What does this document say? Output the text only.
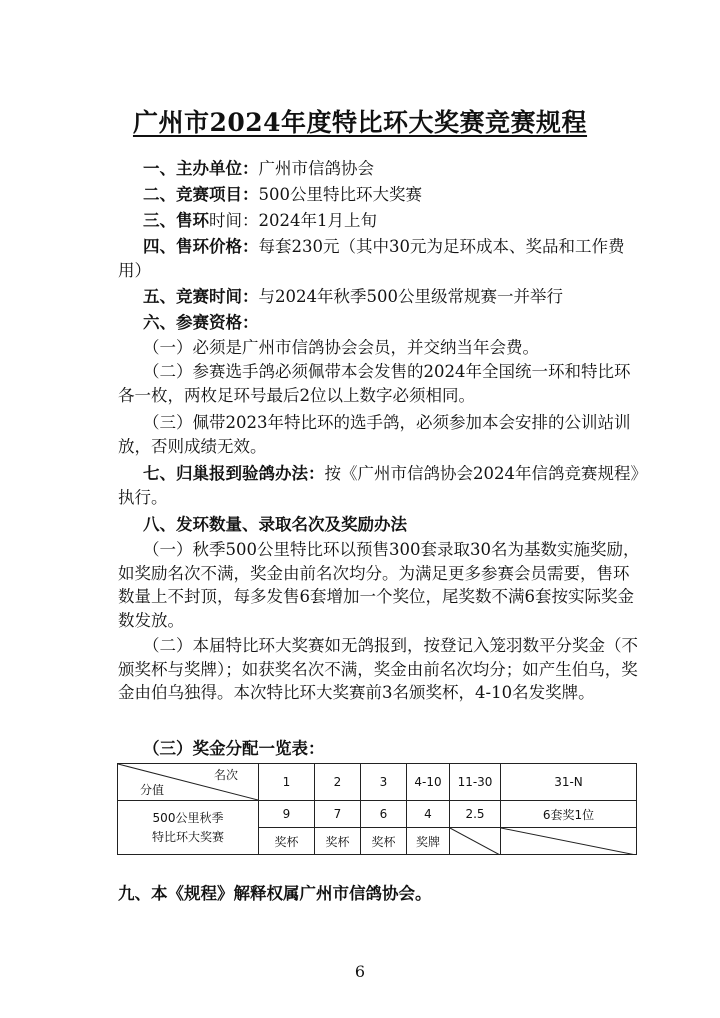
广州市2024年度特比环大奖赛竞赛规程
一、主办单位：广州市信鸽协会
二、竞赛项目：500公里特比环大奖赛
三、售环时间：2024年1月上旬
四、售环价格：每套230元（其中30元为足环成本、奖品和工作费用）
五、竞赛时间：与2024年秋季500公里级常规赛一并举行
六、参赛资格：
（一）必须是广州市信鸽协会会员，并交纳当年会费。
（二）参赛选手鸽必须佩带本会发售的2024年全国统一环和特比环各一枚，两枚足环号最后2位以上数字必须相同。
（三）佩带2023年特比环的选手鸽，必须参加本会安排的公训站训放，否则成绩无效。
七、归巢报到验鸽办法：按《广州市信鸽协会2024年信鸽竞赛规程》执行。
八、发环数量、录取名次及奖励办法
（一）秋季500公里特比环以预售300套录取30名为基数实施奖励，如奖励名次不满，奖金由前名次均分。为满足更多参赛会员需要，售环数量上不封顶，每多发售6套增加一个奖位，尾奖数不满6套按实际奖金数发放。
（二）本届特比环大奖赛如无鸽报到，按登记入笼羽数平分奖金（不颁奖杯与奖牌）；如获奖名次不满，奖金由前名次均分；如产生伯乌，奖金由伯乌独得。本次特比环大奖赛前3名颁奖杯，4-10名发奖牌。
（三）奖金分配一览表：
名次
分值	1	2	3	4-10	11-30	31-N

500公里秋季
特比环大奖赛	9	7	6	4	2.5	6套奖1位
	奖杯	奖杯	奖杯	奖牌	

九、本《规程》解释权属广州市信鸽协会。
6
